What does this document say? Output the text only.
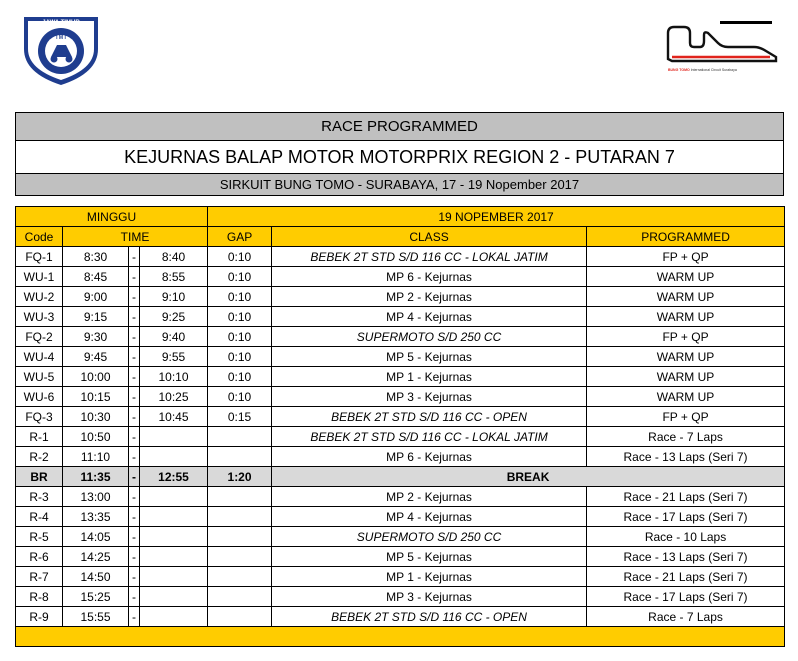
JAWA TIMUR
I M I
BUNG TOMO International Circuit Surabaya
RACE PROGRAMMED
KEJURNAS BALAP MOTOR MOTORPRIX REGION 2 - PUTARAN 7
SIRKUIT BUNG TOMO - SURABAYA, 17 - 19 Nopember 2017
MINGGU				19 NOPEMBER 2017		
Code	TIME			GAP	CLASS	PROGRAMMED
FQ-1	8:30	-	8:40	0:10	BEBEK 2T STD S/D 116 CC - LOKAL JATIM	FP + QP
WU-1	8:45	-	8:55	0:10	MP 6 - Kejurnas	WARM UP
WU-2	9:00	-	9:10	0:10	MP 2 - Kejurnas	WARM UP
WU-3	9:15	-	9:25	0:10	MP 4 - Kejurnas	WARM UP
FQ-2	9:30	-	9:40	0:10	SUPERMOTO S/D 250 CC	FP + QP
WU-4	9:45	-	9:55	0:10	MP 5 - Kejurnas	WARM UP
WU-5	10:00	-	10:10	0:10	MP 1 - Kejurnas	WARM UP
WU-6	10:15	-	10:25	0:10	MP 3 - Kejurnas	WARM UP
FQ-3	10:30	-	10:45	0:15	BEBEK 2T STD S/D 116 CC - OPEN	FP + QP
R-1	10:50	-			BEBEK 2T STD S/D 116 CC - LOKAL JATIM	Race - 7 Laps
R-2	11:10	-			MP 6 - Kejurnas	Race - 13 Laps (Seri 7)
BR	11:35	-	12:55	1:20	BREAK	
R-3	13:00	-			MP 2 - Kejurnas	Race - 21 Laps (Seri 7)
R-4	13:35	-			MP 4 - Kejurnas	Race - 17 Laps (Seri 7)
R-5	14:05	-			SUPERMOTO S/D 250 CC	Race - 10 Laps
R-6	14:25	-			MP 5 - Kejurnas	Race - 13 Laps (Seri 7)
R-7	14:50	-			MP 1 - Kejurnas	Race - 21 Laps (Seri 7)
R-8	15:25	-			MP 3 - Kejurnas	Race - 17 Laps (Seri 7)
R-9	15:55	-			BEBEK 2T STD S/D 116 CC - OPEN	Race - 7 Laps
